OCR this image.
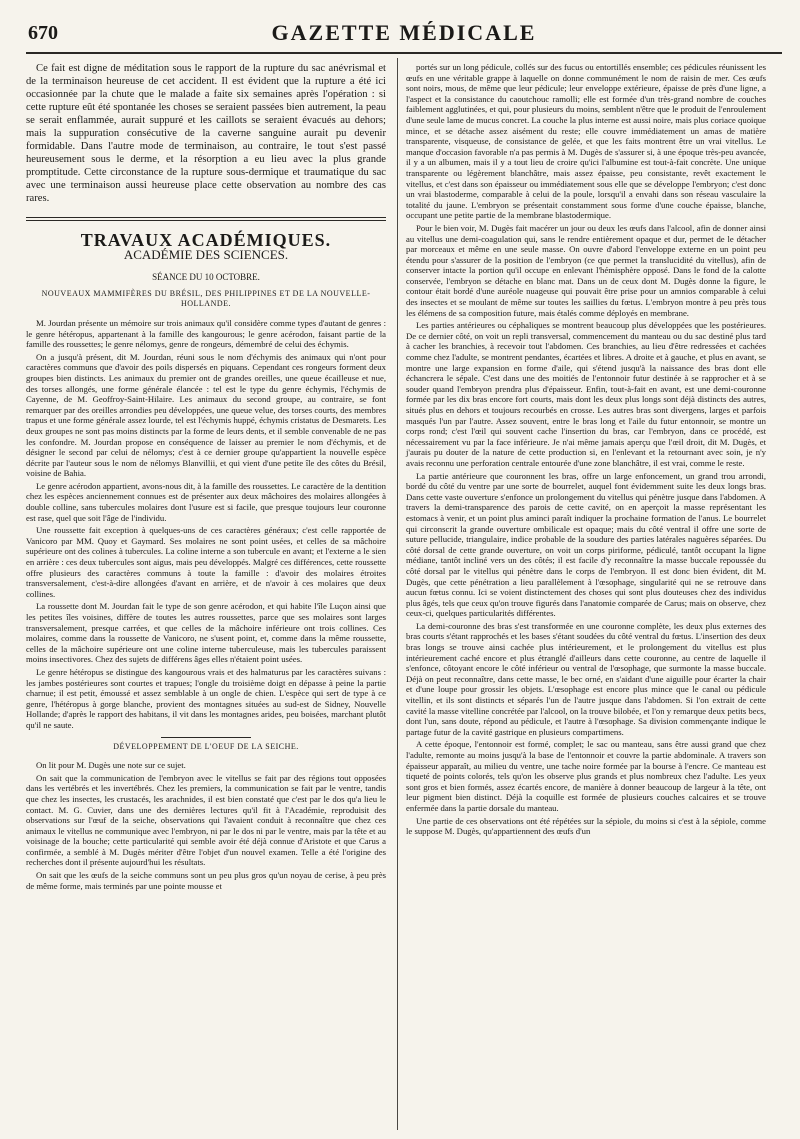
670	GAZETTE MÉDICALE

Ce fait est digne de méditation sous le rapport de la rupture du sac anévrismal et de la terminaison heureuse de cet accident. Il est évident que la rupture a été ici occasionnée par la chute que le malade a faite six semaines après l'opération : si cette rupture eût été spontanée les choses se seraient passées bien autrement, la peau se serait enflammée, aurait suppuré et les caillots se seraient évacués au dehors; mais la suppuration consécutive de la caverne sanguine aurait pu devenir formidable. Dans l'autre mode de terminaison, au contraire, le tout s'est passé heureusement sous le derme, et la résorption a eu lieu avec la plus grande promptitude. Cette circonstance de la rupture sous-dermique et traumatique du sac avec une terminaison aussi heureuse place cette observation au nombre des cas rares.

TRAVAUX ACADÉMIQUES.
ACADÉMIE DES SCIENCES.
SÉANCE DU 10 OCTOBRE.
NOUVEAUX MAMMIFÈRES DU BRÉSIL, DES PHILIPPINES ET DE LA NOUVELLE-HOLLANDE.

M. Jourdan présente un mémoire sur trois animaux qu'il considère comme types d'autant de genres : le genre hétéropus, appartenant à la famille des kangourous; le genre acérodon, faisant partie de la famille des roussettes; le genre nélomys, genre de rongeurs, démembré de celui des échymis.

On a jusqu'à présent, dit M. Jourdan, réuni sous le nom d'échymis des animaux qui n'ont pour caractères communs que d'avoir des poils dispersés en piquans. Cependant ces rongeurs forment deux groupes bien distincts. Les animaux du premier ont de grandes oreilles, une queue écailleuse et nue, des torses allongés, une forme générale élancée : tel est le type du genre échymis, l'échymis de Cayenne, de M. Geoffroy-Saint-Hilaire. Les animaux du second groupe, au contraire, se font remarquer par des oreilles arrondies peu développées, une queue velue, des torses courts, des membres trapus et une forme générale assez lourde, tel est l'échymis huppé, échymis cristatus de Desmarets. Les deux groupes ne sont pas moins distincts par la forme de leurs dents, et il semble convenable de ne pas les confondre. M. Jourdan propose en conséquence de laisser au premier le nom d'échymis, et de désigner le second par celui de nélomys; c'est à ce dernier groupe qu'appartient la nouvelle espèce décrite par l'auteur sous le nom de nélomys Blanvillii, et qui vient d'une petite île des côtes du Brésil, voisine de Bahia.

Le genre acérodon appartient, avons-nous dit, à la famille des roussettes. Le caractère de la dentition chez les espèces anciennement connues est de présenter aux deux mâchoires des molaires allongées à double colline, sans tubercules molaires dont l'usure est si facile, que presque toujours leur couronne est rase, quel que soit l'âge de l'individu.

Une roussette fait exception à quelques-uns de ces caractères généraux; c'est celle rapportée de Vanicoro par MM. Quoy et Gaymard. Ses molaires ne sont point usées, et celles de sa mâchoire supérieure ont des colines à tubercules. La coline interne a son tubercule en avant; et l'externe a le sien en arrière : ces deux tubercules sont aigus, mais peu développés. Malgré ces différences, cette roussette offre plusieurs des caractères communs à toute la famille : d'avoir des molaires étroites transversalement, c'est-à-dire allongées d'avant en arrière, et de n'avoir à ces molaires que deux collines.

La roussette dont M. Jourdan fait le type de son genre acérodon, et qui habite l'île Luçon ainsi que les petites îles voisines, diffère de toutes les autres roussettes, parce que ses molaires sont larges transversalement, presque carrées, et que celles de la mâchoire inférieure ont trois collines. Ces molaires, comme dans la roussette de Vanicoro, ne s'usent point, et, comme dans la même roussette, celles de la mâchoire supérieure ont une coline interne tuberculeuse, mais les tubercules paraissent moins insectivores. Chez des sujets de différens âges elles n'étaient point usées.

Le genre hétéropus se distingue des kangourous vrais et des halmaturus par les caractères suivans : les jambes postérieures sont courtes et trapues; l'ongle du troisième doigt en dépasse à peine la partie charnue; il est petit, émoussé et assez semblable à un ongle de chien. L'espèce qui sert de type à ce genre, l'hétéropus à gorge blanche, provient des montagnes situées au sud-est de Sidney, Nouvelle Hollande; d'après le rapport des habitans, il vit dans les montagnes arides, peu boisées, marchant plutôt qu'il ne saute.

DÉVELOPPEMENT DE L'OEUF DE LA SEICHE.

On lit pour M. Dugès une note sur ce sujet.

On sait que la communication de l'embryon avec le vitellus se fait par des régions tout opposées dans les vertébrés et les invertébrés. Chez les premiers, la communication se fait par le ventre, tandis que chez les insectes, les crustacés, les arachnides, il est bien constaté que c'est par le dos qu'a lieu le contact. M. G. Cuvier, dans une des dernières lectures qu'il fit à l'Académie, reproduisit des observations sur l'œuf de la seiche, observations qui l'avaient conduit à reconnaître que chez ces animaux le vitellus ne communique avec l'embryon, ni par le dos ni par le ventre, mais par la tête et au voisinage de la bouche; cette particularité qui semble avoir été déjà connue d'Aristote et que Carus a confirmée, a semblé à M. Dugès mériter d'être l'objet d'un nouvel examen. Telle a été l'origine des recherches dont il présente aujourd'hui les résultats.

On sait que les œufs de la seiche communs sont un peu plus gros qu'un noyau de cerise, à peu près de même forme, mais terminés par une pointe mousse et

portés sur un long pédicule, collés sur des fucus ou entortillés ensemble; ces pédicules réunissent les œufs en une véritable grappe à laquelle on donne communément le nom de raisin de mer. Ces œufs sont noirs, mous, de même que leur pédicule; leur enveloppe extérieure, épaisse de près d'une ligne, a l'aspect et la consistance du caoutchouc ramolli; elle est formée d'un très-grand nombre de couches faiblement agglutinées, et qui, pour plusieurs du moins, semblent n'être que le produit de l'enroulement d'une seule lame de mucus concret. La couche la plus interne est aussi noire, mais plus coriace quoique mince, et se détache assez aisément du reste; elle couvre immédiatement un amas de matière transparente, visqueuse, de consistance de gelée, et que les faits montrent être un vrai vitellus. Le manque d'occasion favorable n'a pas permis à M. Dugès de s'assurer si, à une époque très-peu avancée, il y a un albumen, mais il y a tout lieu de croire qu'ici l'albumine est tout-à-fait concrète. Une unique transparente ou légèrement blanchâtre, mais assez épaisse, peu consistante, revêt exactement le vitellus, et c'est dans son épaisseur ou immédiatement sous elle que se développe l'embryon; c'est donc un vrai blastoderme, comparable à celui de la poule, lorsqu'il a envahi dans son réseau vasculaire la totalité du jaune. L'embryon se présentait constamment sous forme d'une couche épaisse, blanche, occupant une petite partie de la membrane blastodermique.

Pour le bien voir, M. Dugès fait macérer un jour ou deux les œufs dans l'alcool, afin de donner ainsi au vitellus une demi-coagulation qui, sans le rendre entièrement opaque et dur, permet de le détacher par morceaux et même en une seule masse. On ouvre d'abord l'enveloppe externe en un point peu étendu pour s'assurer de la position de l'embryon (ce que permet la translucidité du vitellus), afin de conserver intacte la portion qu'il occupe en enlevant l'hémisphère opposé. Dans le fond de la calotte conservée, l'embryon se détache en blanc mat. Dans un de ceux dont M. Dugès donne la figure, le contour était bordé d'une auréole nuageuse qui pouvait être prise pour un amnios comparable à celui des insectes et se moulant de même sur toutes les saillies du fœtus. L'embryon montre à peu près tous les élémens de sa composition future, mais étalés comme déployés en membrane.

Les parties antérieures ou céphaliques se montrent beaucoup plus développées que les postérieures. De ce dernier côté, on voit un repli transversal, commencement du manteau ou du sac destiné plus tard à cacher les branchies, à recevoir tout l'abdomen. Ces branchies, au lieu d'être redressées et cachées comme chez l'adulte, se montrent pendantes, écartées et libres. A droite et à gauche, et plus en avant, se montre une large expansion en forme d'aile, qui s'étend jusqu'à la naissance des bras dont elle échancrera le sépale. C'est dans une des moitiés de l'entonnoir futur destinée à se rapprocher et à se souder quand l'embryon prendra plus d'épaisseur. Enfin, tout-à-fait en avant, est une demi-couronne formée par les dix bras encore fort courts, mais dont les deux plus longs sont déjà distincts des autres, situés plus en dehors et toujours recourbés en crosse. Les autres bras sont divergens, larges et parfois masqués l'un par l'autre. Assez souvent, entre le bras long et l'aile du futur entonnoir, se montre un corps rond; c'est l'œil qui souvent cache l'insertion du bras, car l'embryon, dans ce procédé, est nécessairement vu par la face inférieure. Je n'ai même jamais aperçu que l'œil droit, dit M. Dugès, et j'aurais pu douter de la nature de cette production si, en l'enlevant et la retournant avec soin, je n'y avais reconnu une perforation centrale entourée d'une zone blanchâtre, il est vrai, comme le reste.

La partie antérieure que couronnent les bras, offre un large enfoncement, un grand trou arrondi, bordé du côté du ventre par une sorte de bourrelet, auquel font évidemment suite les deux longs bras. Dans cette vaste ouverture s'enfonce un prolongement du vitellus qui pénètre jusque dans l'abdomen. A travers la demi-transparence des parois de cette cavité, on en aperçoit la masse représentant les estomacs à venir, et un point plus aminci paraît indiquer la prochaine formation de l'anus. Le bourrelet qui circonscrit la grande ouverture ombilicale est opaque; mais du côté ventral il offre une sorte de suture pellucide, triangulaire, indice probable de la soudure des parties latérales naguères séparées. Du côté dorsal de cette grande ouverture, on voit un corps piriforme, pédiculé, tantôt occupant la ligne médiane, tantôt incliné vers un des côtés; il est facile d'y reconnaître la masse buccale repoussée du côté dorsal par le vitellus qui pénètre dans le corps de l'embryon. Il est donc bien évident, dit M. Dugès, que cette pénétration a lieu parallèlement à l'œsophage, singularité qui ne se retrouve dans aucun fœtus connu. Ici se voient distinctement des choses qui sont plus douteuses chez des individus plus âgés, tels que ceux qu'on trouve figurés dans l'anatomie comparée de Carus; mais on observe, chez ceux-ci, quelques particularités différentes.

La demi-couronne des bras s'est transformée en une couronne complète, les deux plus externes des bras courts s'étant rapprochés et les bases s'étant soudées du côté ventral du fœtus. L'insertion des deux bras longs se trouve ainsi cachée plus intérieurement, et le prolongement du vitellus est plus intérieurement caché encore et plus étranglé d'ailleurs dans cette couronne, au centre de laquelle il s'enfonce, côtoyant encore le côté inférieur ou ventral de l'œsophage, que surmonte la masse buccale. Déjà on peut reconnaître, dans cette masse, le bec orné, en s'aidant d'une aiguille pour écarter la chair et d'une loupe pour grossir les objets. L'œsophage est encore plus mince que le canal ou pédicule vitellin, et ils sont distincts et séparés l'un de l'autre jusque dans l'abdomen. Si l'on extrait de cette cavité la masse vitelline concrétée par l'alcool, on la trouve bilobée, et l'on y remarque deux petits becs, dont l'un, sans doute, répond au pédicule, et l'autre à l'œsophage. Sa division commençante indique le partage futur de la cavité gastrique en plusieurs compartimens.

A cette époque, l'entonnoir est formé, complet; le sac ou manteau, sans être aussi grand que chez l'adulte, remonte au moins jusqu'à la base de l'entonnoir et couvre la partie abdominale. A travers son épaisseur apparaît, au milieu du ventre, une tache noire formée par la bourse à l'encre. Ce manteau est tiqueté de points colorés, tels qu'on les observe plus grands et plus nombreux chez l'adulte. Les yeux sont gros et bien formés, assez écartés encore, de manière à donner beaucoup de largeur à la tête, ont leur pigment bien distinct. Déjà la coquille est formée de plusieurs couches calcaires et se trouve enfermée dans la partie dorsale du manteau.

Une partie de ces observations ont été répétées sur la sépiole, du moins si c'est à la sépiole, comme le suppose M. Dugès, qu'appartiennent des œufs d'un
